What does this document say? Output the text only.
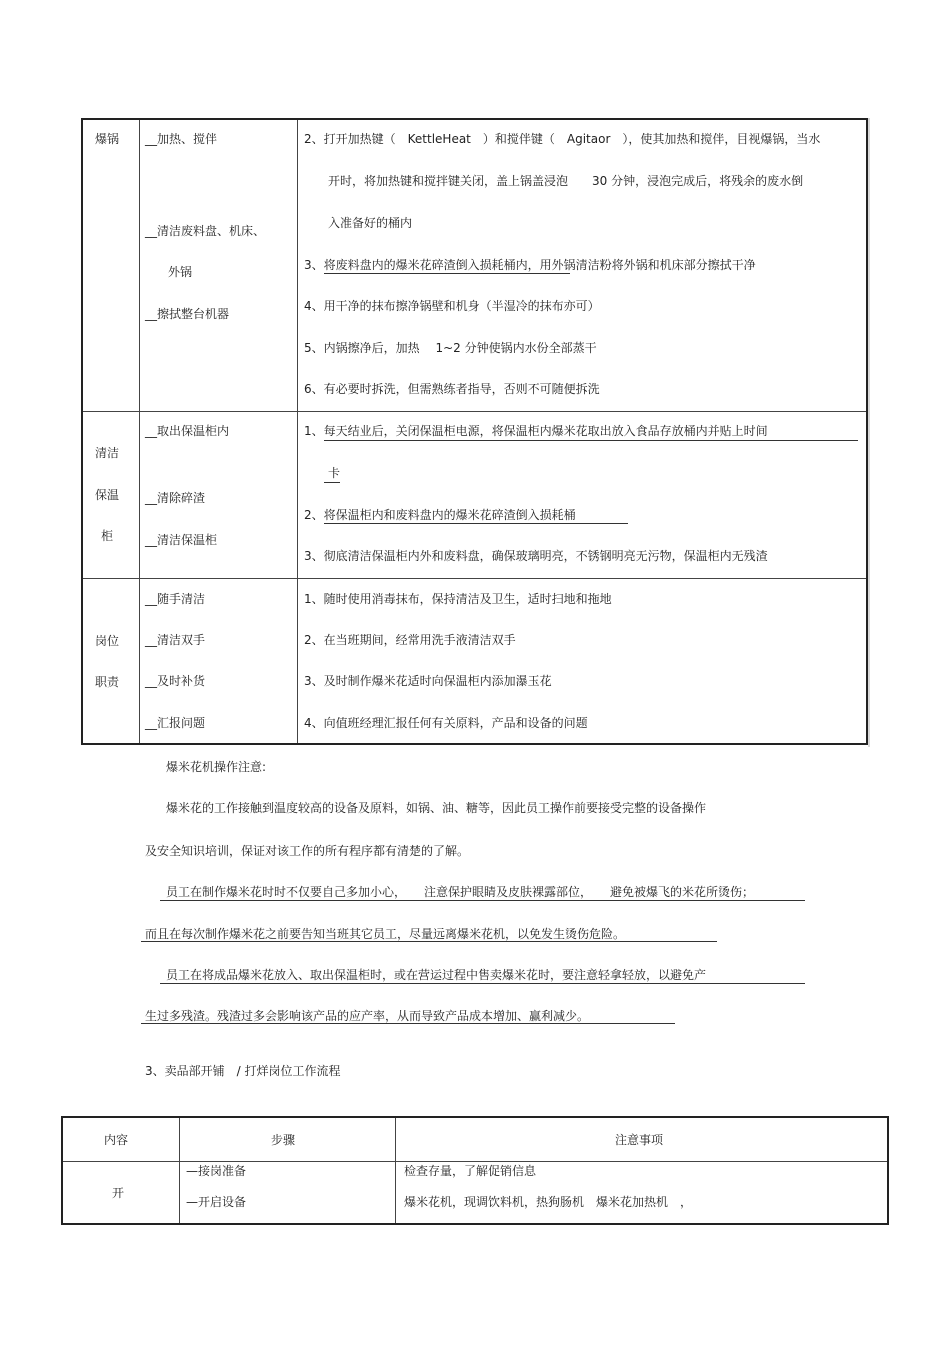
爆锅 __加热、搅伴
__清洁废料盘、机床、
外锅
__擦拭整台机器
2、打开加热键（　KettleHeat　）和搅伴键（　Agitaor　），使其加热和搅伴，目视爆锅，当水
开时，将加热键和搅拌键关闭，盖上锅盖浸泡　　30 分钟，浸泡完成后，将残余的废水倒
入准备好的桶内
3、将废料盘内的爆米花碎渣倒入损耗桶内，用外锅清洁粉将外锅和机床部分擦拭干净
4、用干净的抹布擦净锅壁和机身（半湿冷的抹布亦可）
5、内锅擦净后，加热　 1~2 分钟使锅内水份全部蒸干
6、有必要时拆洗，但需熟练者指导，否则不可随便拆洗
清洁
保温
柜
__取出保温柜内
__清除碎渣
__清洁保温柜
1、每天结业后，关闭保温柜电源，将保温柜内爆米花取出放入食品存放桶内并贴上时间
卡
2、将保温柜内和废料盘内的爆米花碎渣倒入损耗桶
3、彻底清洁保温柜内外和废料盘，确保玻璃明亮，不锈钢明亮无污物，保温柜内无残渣
岗位
职责
__随手清洁
__清洁双手
__及时补货
__汇报问题
1、随时使用消毒抹布，保持清洁及卫生，适时扫地和拖地
2、在当班期间，经常用洗手液清洁双手
3、及时制作爆米花适时向保温柜内添加瀑玉花
4、向值班经理汇报任何有关原料，产品和设备的问题
爆米花机操作注意:
爆米花的工作接触到温度较高的设备及原料，如锅、油、糖等，因此员工操作前要接受完整的设备操作
及安全知识培训，保证对该工作的所有程序都有清楚的了解。
员工在制作爆米花时时不仅要自己多加小心，　　注意保护眼睛及皮肤裸露部位，　　避免被爆飞的米花所烫伤；
而且在每次制作爆米花之前要告知当班其它员工，尽量远离爆米花机，以免发生烫伤危险。
员工在将成品爆米花放入、取出保温柜时，或在营运过程中售卖爆米花时，要注意轻拿轻放，以避免产
生过多残渣。残渣过多会影响该产品的应产率，从而导致产品成本增加、赢利减少。
3、卖品部开铺　/ 打烊岗位工作流程
内容	步骤	注意事项
开
—接岗准备
—开启设备
检查存量，了解促销信息
爆米花机，现调饮料机，热狗肠机　爆米花加热机　，
